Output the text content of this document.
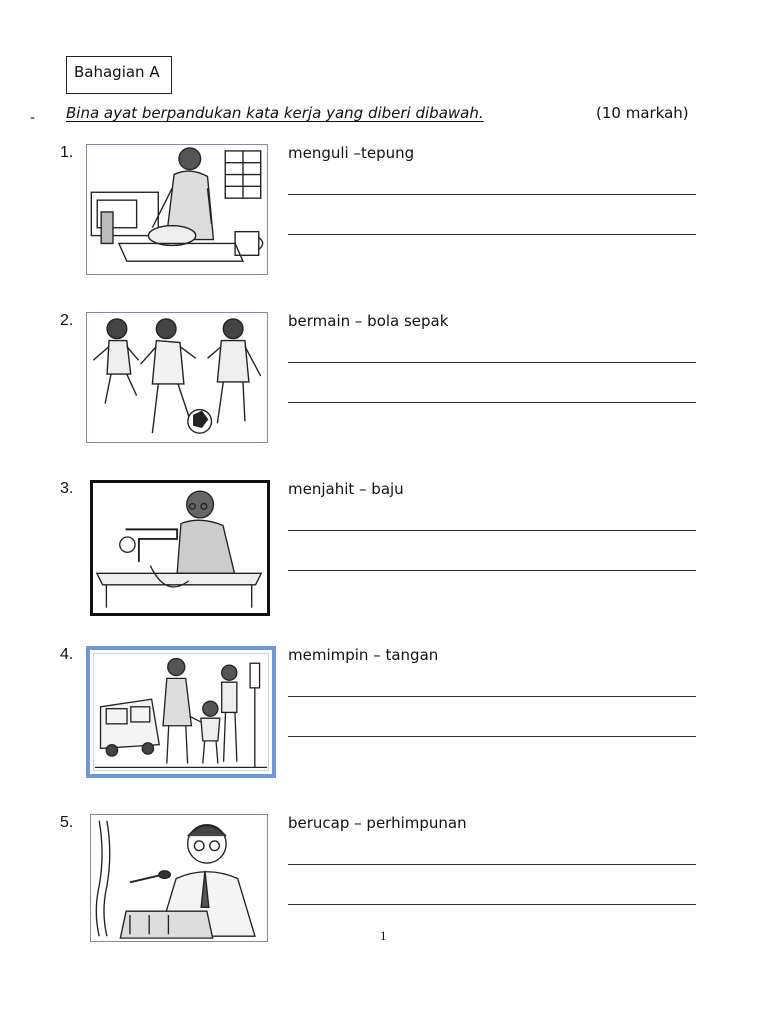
Bahagian A
- Bina ayat berpandukan kata kerja yang diberi dibawah.	(10 markah)
1.	menguli –tepung
2.	bermain – bola sepak
3.	menjahit – baju
4.	memimpin – tangan
5.	berucap – perhimpunan
1
